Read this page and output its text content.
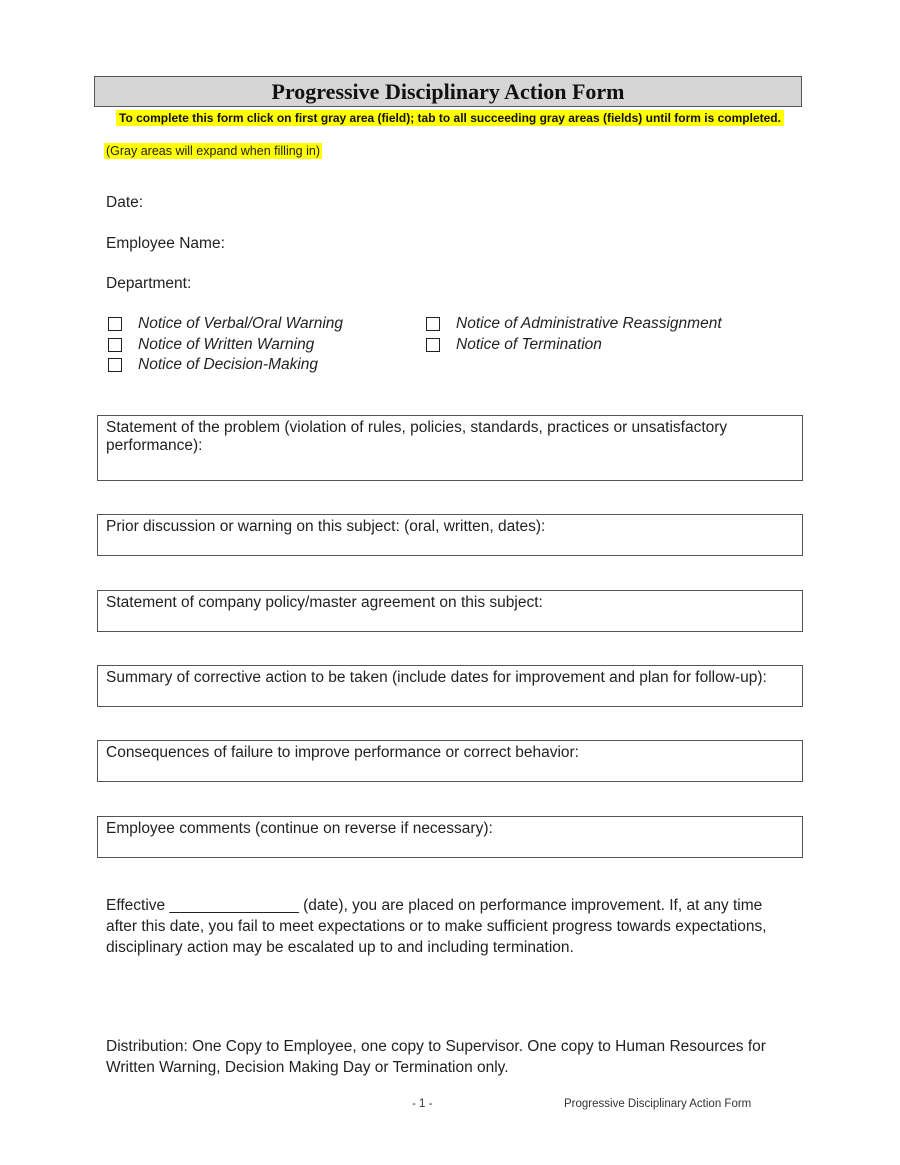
Progressive Disciplinary Action Form
To complete this form click on first gray area (field); tab to all succeeding gray areas (fields) until form is completed.
(Gray areas will expand when filling in)
Date:
Employee Name:
Department:
Notice of Verbal/Oral Warning
Notice of Written Warning
Notice of Decision-Making
Notice of Administrative Reassignment
Notice of Termination
Statement of the problem (violation of rules, policies, standards, practices or unsatisfactory performance):
Prior discussion or warning on this subject: (oral, written, dates):
Statement of company policy/master agreement on this subject:
Summary of corrective action to be taken (include dates for improvement and plan for follow-up):
Consequences of failure to improve performance or correct behavior:
Employee comments (continue on reverse if necessary):
Effective _______________ (date), you are placed on performance improvement. If, at any time after this date, you fail to meet expectations or to make sufficient progress towards expectations, disciplinary action may be escalated up to and including termination.
Distribution: One Copy to Employee, one copy to Supervisor. One copy to Human Resources for Written Warning, Decision Making Day or Termination only.
- 1 -	Progressive Disciplinary Action Form
